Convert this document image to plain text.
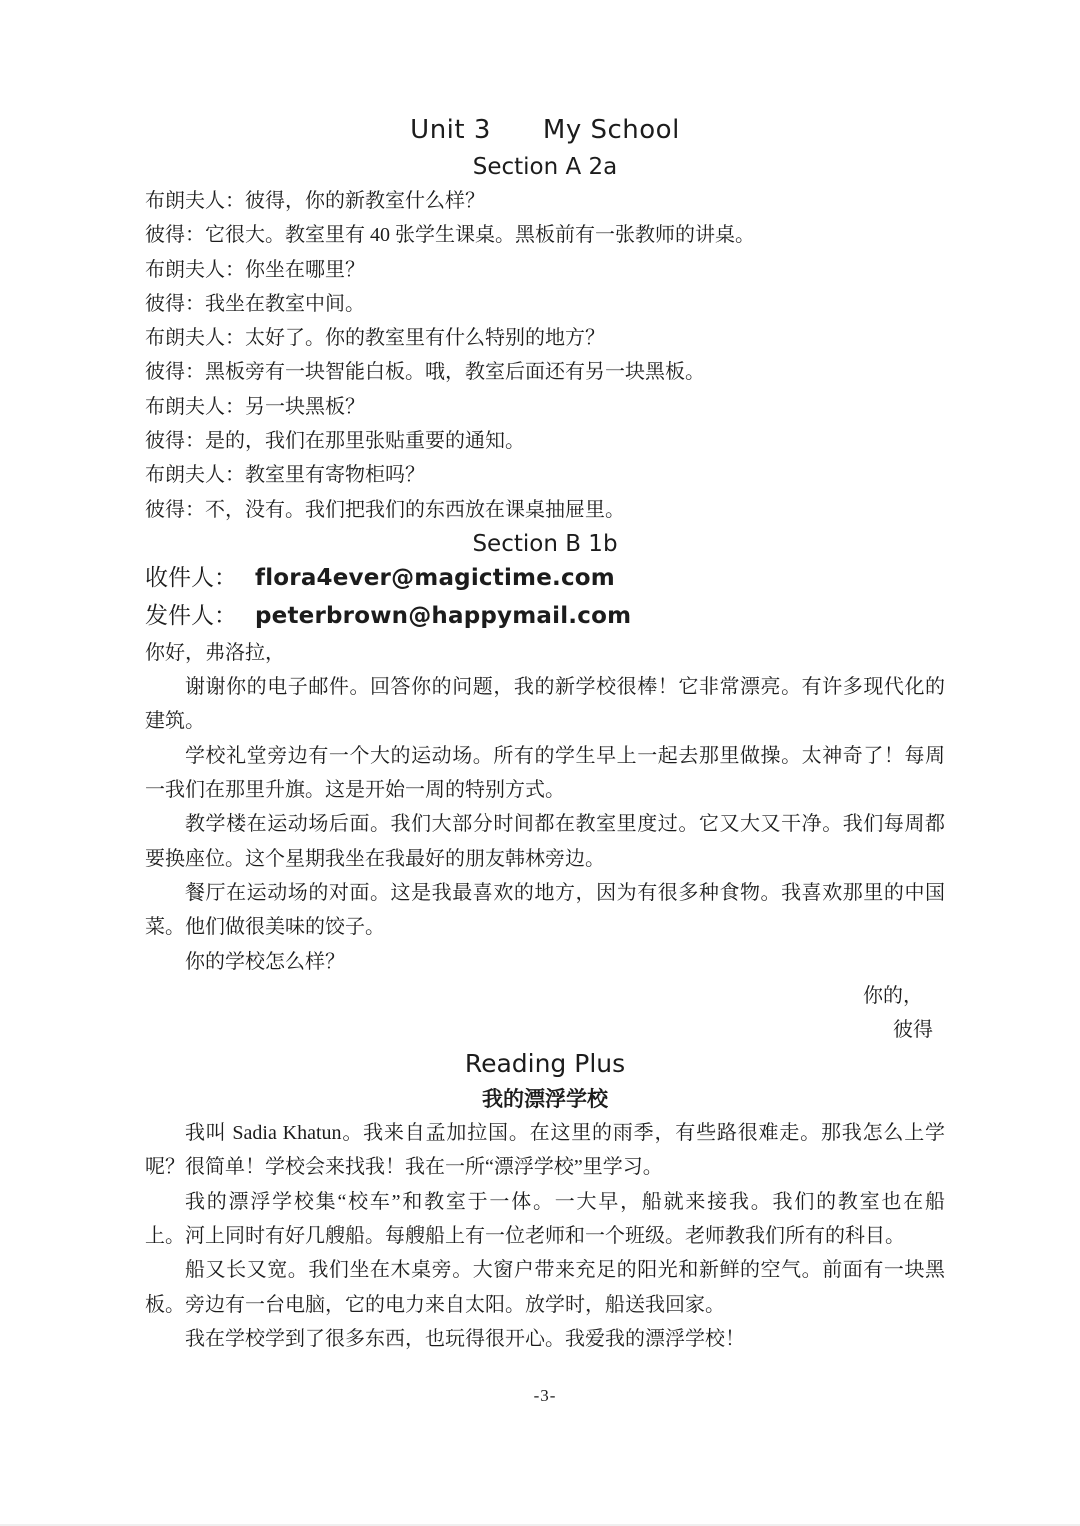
Unit 3 My School
Section A 2a
布朗夫人：彼得，你的新教室什么样？
彼得：它很大。教室里有 40 张学生课桌。黑板前有一张教师的讲桌。
布朗夫人：你坐在哪里？
彼得：我坐在教室中间。
布朗夫人：太好了。你的教室里有什么特别的地方？
彼得：黑板旁有一块智能白板。哦，教室后面还有另一块黑板。
布朗夫人：另一块黑板？
彼得：是的，我们在那里张贴重要的通知。
布朗夫人：教室里有寄物柜吗？
彼得：不，没有。我们把我们的东西放在课桌抽屉里。
Section B 1b
收件人： flora4ever@magictime.com
发件人： peterbrown@happymail.com
你好，弗洛拉，
谢谢你的电子邮件。回答你的问题，我的新学校很棒！它非常漂亮。有许多现代化的
建筑。
学校礼堂旁边有一个大的运动场。所有的学生早上一起去那里做操。太神奇了！每周
一我们在那里升旗。这是开始一周的特别方式。
教学楼在运动场后面。我们大部分时间都在教室里度过。它又大又干净。我们每周都
要换座位。这个星期我坐在我最好的朋友韩林旁边。
餐厅在运动场的对面。这是我最喜欢的地方，因为有很多种食物。我喜欢那里的中国
菜。他们做很美味的饺子。
你的学校怎么样？
你的，
彼得
Reading Plus
我的漂浮学校
我叫 Sadia Khatun。我来自孟加拉国。在这里的雨季，有些路很难走。那我怎么上学
呢？很简单！学校会来找我！我在一所“漂浮学校”里学习。
我的漂浮学校集“校车”和教室于一体。一大早，船就来接我。我们的教室也在船
上。河上同时有好几艘船。每艘船上有一位老师和一个班级。老师教我们所有的科目。
船又长又宽。我们坐在木桌旁。大窗户带来充足的阳光和新鲜的空气。前面有一块黑
板。旁边有一台电脑，它的电力来自太阳。放学时，船送我回家。
我在学校学到了很多东西，也玩得很开心。我爱我的漂浮学校！
-3-
